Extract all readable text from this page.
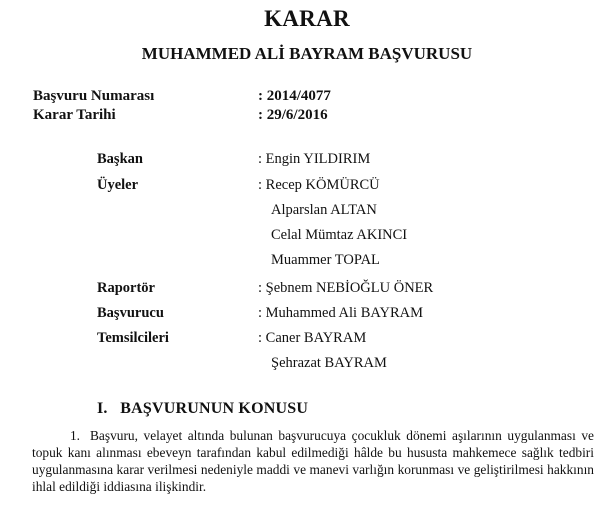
KARAR
MUHAMMED ALİ BAYRAM BAŞVURUSU
Başvuru Numarası	: 2014/4077
Karar Tarihi	: 29/6/2016
Başkan	: Engin YILDIRIM
Üyeler	: Recep KÖMÜRCÜ
Alparslan ALTAN
Celal Mümtaz AKINCI
Muammer TOPAL
Raportör	: Şebnem NEBİOĞLU ÖNER
Başvurucu	: Muhammed Ali BAYRAM
Temsilcileri	: Caner BAYRAM
Şehrazat BAYRAM
I.   BAŞVURUNUN KONUSU
1. Başvuru, velayet altında bulunan başvurucuya çocukluk dönemi aşılarının uygulanması ve topuk kanı alınması ebeveyn tarafından kabul edilmediği hâlde bu hususta mahkemece sağlık tedbiri uygulanmasına karar verilmesi nedeniyle maddi ve manevi varlığın korunması ve geliştirilmesi hakkının ihlal edildiği iddiasına ilişkindir.
